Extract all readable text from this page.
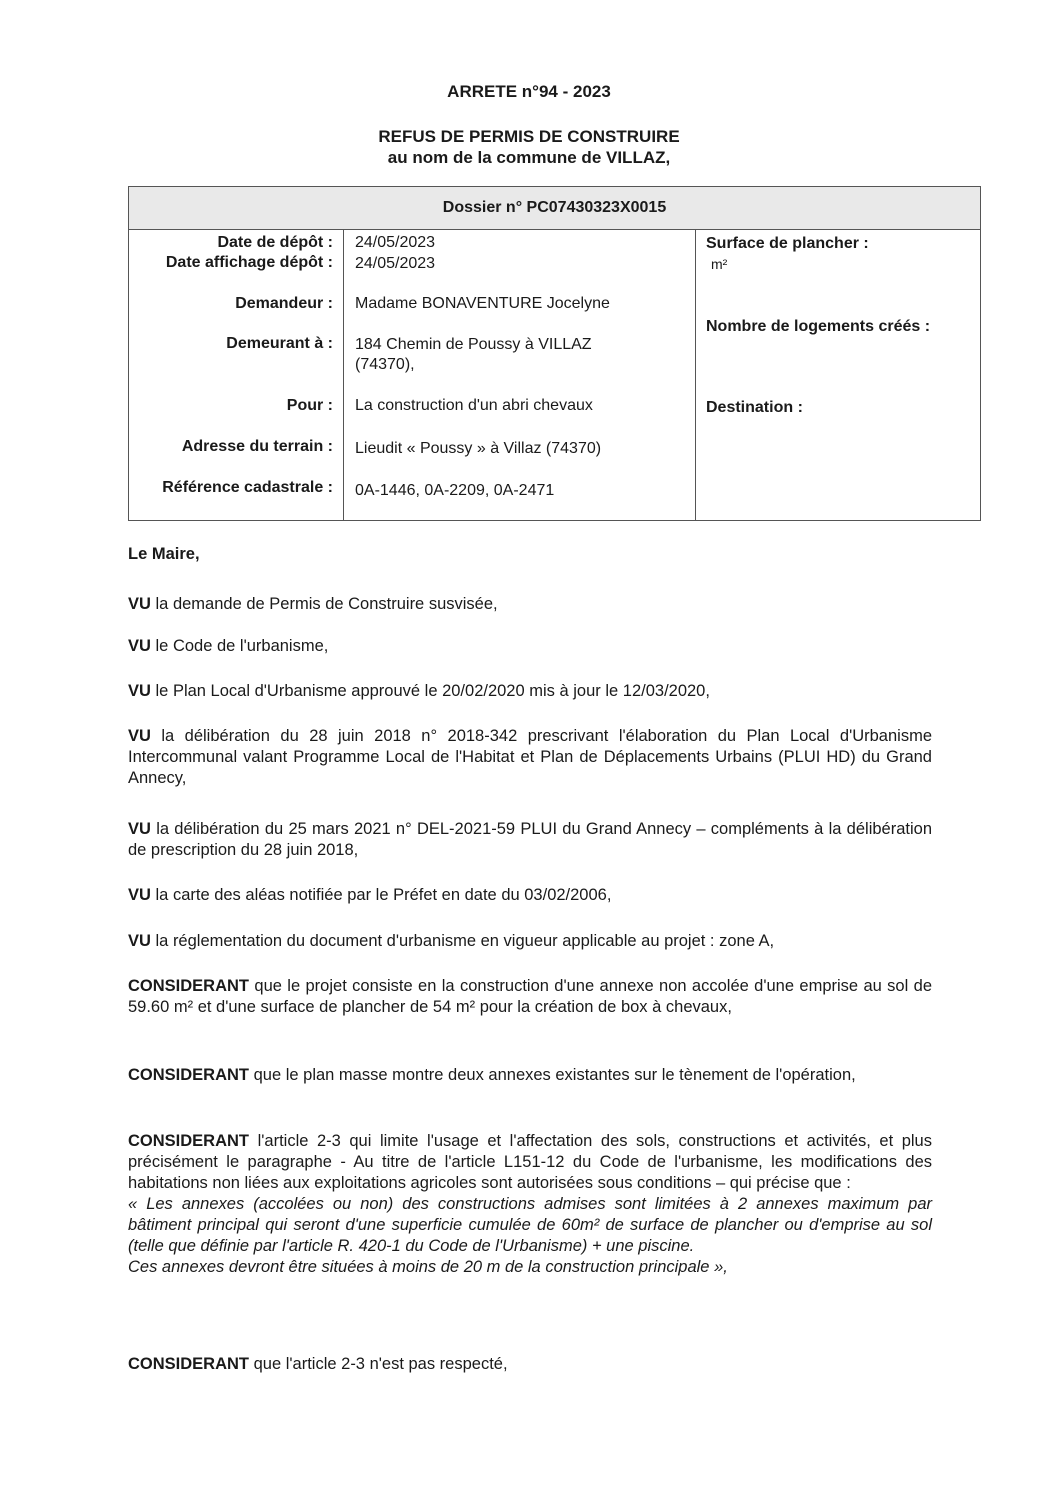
ARRETE n°94 - 2023
REFUS DE PERMIS DE CONSTRUIRE
au nom de la commune de VILLAZ,
Dossier n° PC07430323X0015
Date de dépôt : 24/05/2023
Date affichage dépôt : 24/05/2023
Demandeur : Madame BONAVENTURE Jocelyne
Demeurant à : 184 Chemin de Poussy à VILLAZ
(74370),
Pour : La construction d'un abri chevaux
Adresse du terrain : Lieudit « Poussy » à Villaz (74370)
Référence cadastrale : 0A-1446, 0A-2209, 0A-2471
Surface de plancher :
m²
Nombre de logements créés :
Destination :
Le Maire,
VU la demande de Permis de Construire susvisée,
VU le Code de l'urbanisme,
VU le Plan Local d'Urbanisme approuvé le 20/02/2020 mis à jour le 12/03/2020,
VU la délibération du 28 juin 2018 n° 2018-342 prescrivant l'élaboration du Plan Local d'Urbanisme Intercommunal valant Programme Local de l'Habitat et Plan de Déplacements Urbains (PLUI HD) du Grand Annecy,
VU la délibération du 25 mars 2021 n° DEL-2021-59 PLUI du Grand Annecy – compléments à la délibération de prescription du 28 juin 2018,
VU la carte des aléas notifiée par le Préfet en date du 03/02/2006,
VU la réglementation du document d'urbanisme en vigueur applicable au projet : zone A,
CONSIDERANT que le projet consiste en la construction d'une annexe non accolée d'une emprise au sol de 59.60 m² et d'une surface de plancher de 54 m² pour la création de box à chevaux,
CONSIDERANT que le plan masse montre deux annexes existantes sur le tènement de l'opération,
CONSIDERANT l'article 2-3 qui limite l'usage et l'affectation des sols, constructions et activités, et plus précisément le paragraphe - Au titre de l'article L151-12 du Code de l'urbanisme, les modifications des habitations non liées aux exploitations agricoles sont autorisées sous conditions – qui précise que :
« Les annexes (accolées ou non) des constructions admises sont limitées à 2 annexes maximum par bâtiment principal qui seront d'une superficie cumulée de 60m² de surface de plancher ou d'emprise au sol (telle que définie par l'article R. 420-1 du Code de l'Urbanisme) + une piscine.
Ces annexes devront être situées à moins de 20 m de la construction principale »,
CONSIDERANT que l'article 2-3 n'est pas respecté,
